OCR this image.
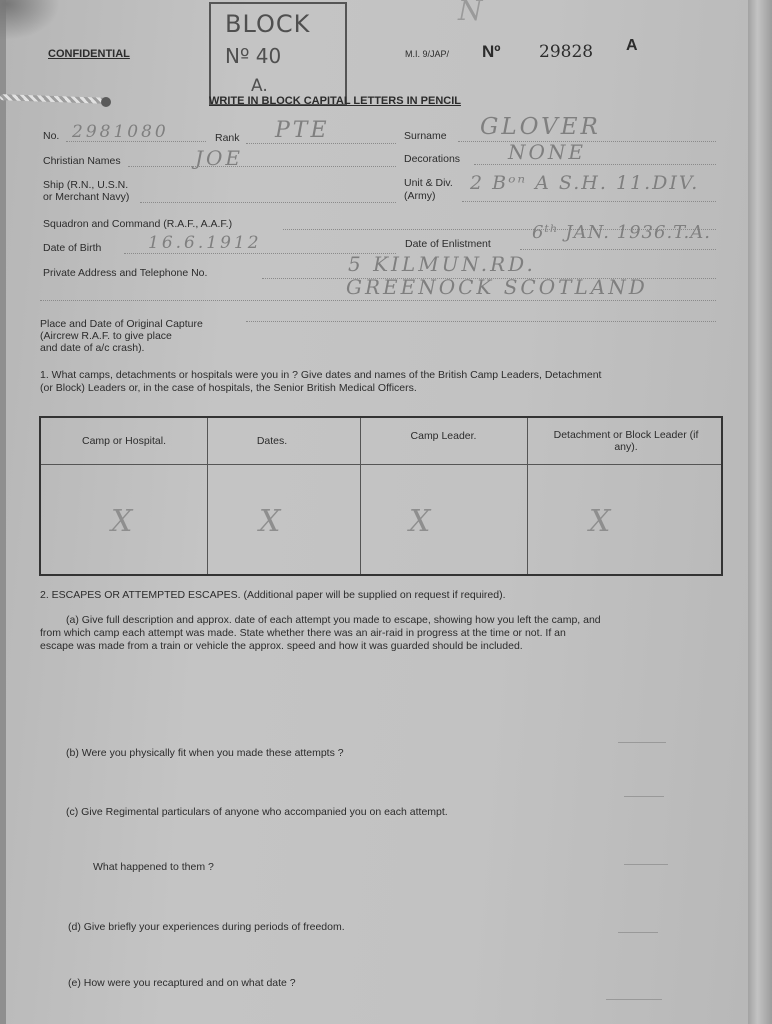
CONFIDENTIAL
BLOCK
Nº 40
A.
N
M.I. 9/JAP/ Nº 29828 A
WRITE IN BLOCK CAPITAL LETTERS IN PENCIL
No. 2981080	Rank PTE	Surname GLOVER
Christian Names	JOE	Decorations NONE
Ship (R.N., U.S.N.
or Merchant Navy)
Unit & Div.
(Army)
2 Bᵒⁿ A S.H. 11.DIV.
Squadron and Command (R.A.F., A.A.F.)
Date of Birth	16.6.1912	Date of Enlistment
6ᵗʰ JAN. 1936.T.A.
Private Address and Telephone No.	5 KILMUN.RD.
GREENOCK SCOTLAND
Place and Date of Original Capture
(Aircrew R.A.F. to give place
and date of a/c crash).
1. What camps, detachments or hospitals were you in ? Give dates and names of the British Camp Leaders, Detachment
(or Block) Leaders or, in the case of hospitals, the Senior British Medical Officers.
Camp or Hospital.	Dates.	Camp Leader.	Detachment or Block Leader (if any).
X	X	X	X
2. ESCAPES OR ATTEMPTED ESCAPES. (Additional paper will be supplied on request if required).
(a) Give full description and approx. date of each attempt you made to escape, showing how you left the camp, and
from which camp each attempt was made. State whether there was an air-raid in progress at the time or not. If an
escape was made from a train or vehicle the approx. speed and how it was guarded should be included.
(b) Were you physically fit when you made these attempts ?
(c) Give Regimental particulars of anyone who accompanied you on each attempt.
What happened to them ?
(d) Give briefly your experiences during periods of freedom.
(e) How were you recaptured and on what date ?
